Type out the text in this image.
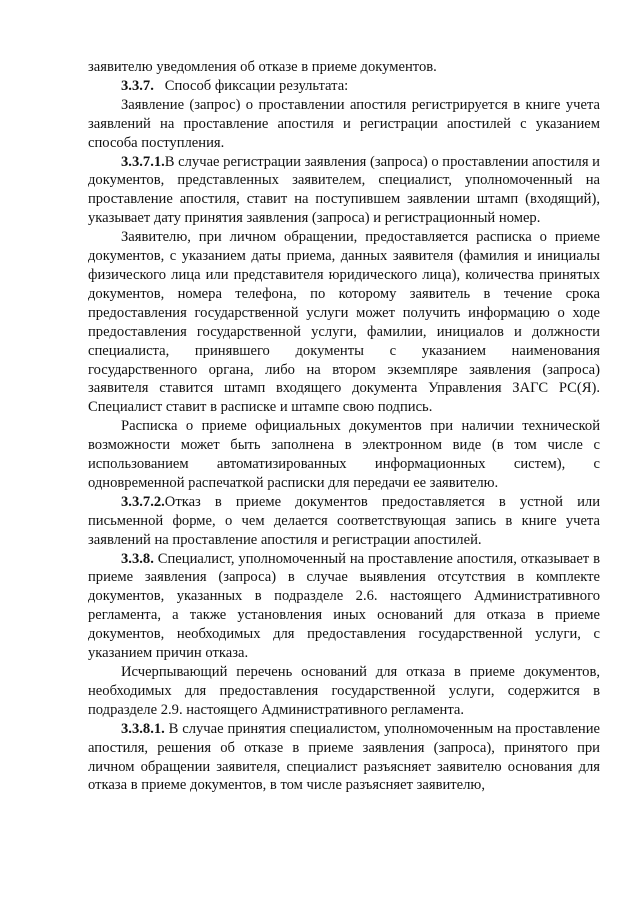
заявителю уведомления об отказе в приеме документов.

3.3.7.   Способ фиксации результата:

Заявление (запрос) о проставлении апостиля регистрируется в книге учета заявлений на проставление апостиля и регистрации апостилей с указанием способа поступления.

3.3.7.1.В случае регистрации заявления (запроса) о проставлении апостиля и документов, представленных заявителем, специалист, уполномоченный на проставление апостиля, ставит на поступившем заявлении штамп (входящий), указывает дату принятия заявления (запроса) и регистрационный номер.

Заявителю, при личном обращении, предоставляется расписка о приеме документов, с указанием даты приема, данных заявителя (фамилия и инициалы физического лица или представителя юридического лица), количества принятых документов, номера телефона, по которому заявитель в течение срока предоставления государственной услуги может получить информацию о ходе предоставления государственной услуги, фамилии, инициалов и должности специалиста, принявшего документы с указанием наименования государственного органа, либо на втором экземпляре заявления (запроса) заявителя ставится штамп входящего документа Управления ЗАГС РС(Я). Специалист ставит в расписке и штампе свою подпись.

Расписка о приеме официальных документов при наличии технической возможности может быть заполнена в электронном виде (в том числе с использованием автоматизированных информационных систем), с одновременной распечаткой расписки для передачи ее заявителю.

3.3.7.2.Отказ в приеме документов предоставляется в устной или письменной форме, о чем делается соответствующая запись в книге учета заявлений на проставление апостиля и регистрации апостилей.

3.3.8. Специалист, уполномоченный на проставление апостиля, отказывает в приеме заявления (запроса) в случае выявления отсутствия в комплекте документов, указанных в подразделе 2.6. настоящего Административного регламента, а также установления иных оснований для отказа в приеме документов, необходимых для предоставления государственной услуги, с указанием причин отказа.

Исчерпывающий перечень оснований для отказа в приеме документов, необходимых для предоставления государственной услуги, содержится в подразделе 2.9. настоящего Административного регламента.

3.3.8.1. В случае принятия специалистом, уполномоченным на проставление апостиля, решения об отказе в приеме заявления (запроса), принятого при личном обращении заявителя, специалист разъясняет заявителю основания для отказа в приеме документов, в том числе разъясняет заявителю,
